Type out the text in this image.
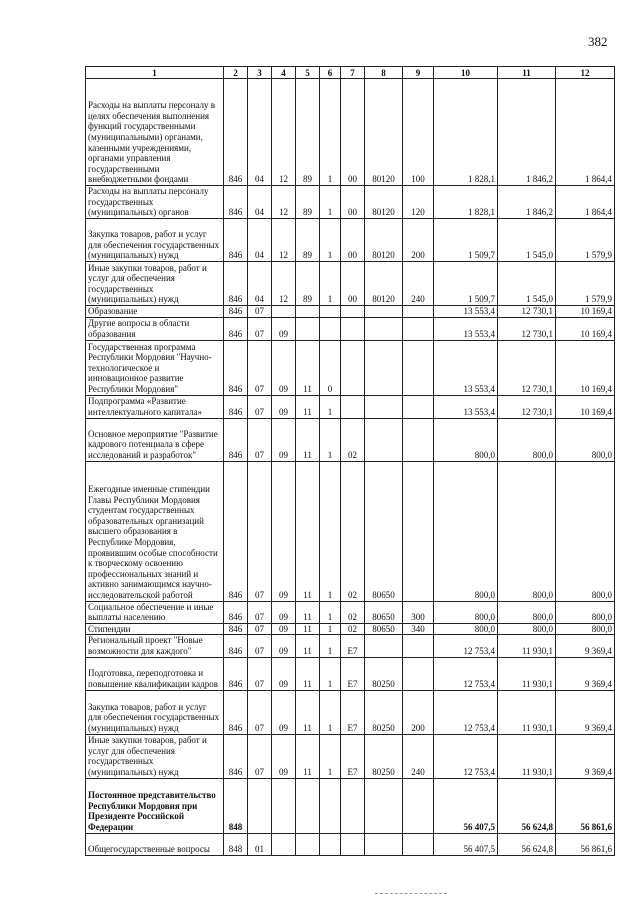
382
1	2	3	4	5	6	7	8	9	10	11	12
Расходы на выплаты персоналу в целях обеспечения выполнения функций государственными (муниципальными) органами, казенными учреждениями, органами управления государственными внебюджетными фондами	846	04	12	89	1	00	80120	100	1 828,1	1 846,2	1 864,4
Расходы на выплаты персоналу государственных (муниципальных) органов	846	04	12	89	1	00	80120	120	1 828,1	1 846,2	1 864,4
Закупка товаров, работ и услуг для обеспечения государственных (муниципальных) нужд	846	04	12	89	1	00	80120	200	1 509,7	1 545,0	1 579,9
Иные закупки товаров, работ и услуг для обеспечения государственных (муниципальных) нужд	846	04	12	89	1	00	80120	240	1 509,7	1 545,0	1 579,9
Образование	846	07							13 553,4	12 730,1	10 169,4
Другие вопросы в области образования	846	07	09						13 553,4	12 730,1	10 169,4
Государственная программа Республики Мордовия "Научно-технологическое и инновационное развитие Республики Мордовия"	846	07	09	11	0				13 553,4	12 730,1	10 169,4
Подпрограмма «Развитие интеллектуального капитала»	846	07	09	11	1				13 553,4	12 730,1	10 169,4
Основное мероприятие "Развитие кадрового потенциала в сфере исследований и разработок"	846	07	09	11	1	02			800,0	800,0	800,0
Ежегодные именные стипендии Главы Республики Мордовия студентам государственных образовательных организаций высшего образования в Республике Мордовия, проявившим особые способности к творческому освоению профессиональных знаний и активно занимающимся научно-исследовательской работой	846	07	09	11	1	02	80650		800,0	800,0	800,0
Социальное обеспечение и иные выплаты населению	846	07	09	11	1	02	80650	300	800,0	800,0	800,0
Стипендии	846	07	09	11	1	02	80650	340	800,0	800,0	800,0
Региональный проект "Новые возможности для каждого"	846	07	09	11	1	Е7			12 753,4	11 930,1	9 369,4
Подготовка, переподготовка и повышение квалификации кадров	846	07	09	11	1	Е7	80250		12 753,4	11 930,1	9 369,4
Закупка товаров, работ и услуг для обеспечения государственных (муниципальных) нужд	846	07	09	11	1	Е7	80250	200	12 753,4	11 930,1	9 369,4
Иные закупки товаров, работ и услуг для обеспечения государственных (муниципальных) нужд	846	07	09	11	1	Е7	80250	240	12 753,4	11 930,1	9 369,4
Постоянное представительство Республики Мордовия при Президенте Российской Федерации	848								56 407,5	56 624,8	56 861,6
Общегосударственные вопросы	848	01							56 407,5	56 624,8	56 861,6
